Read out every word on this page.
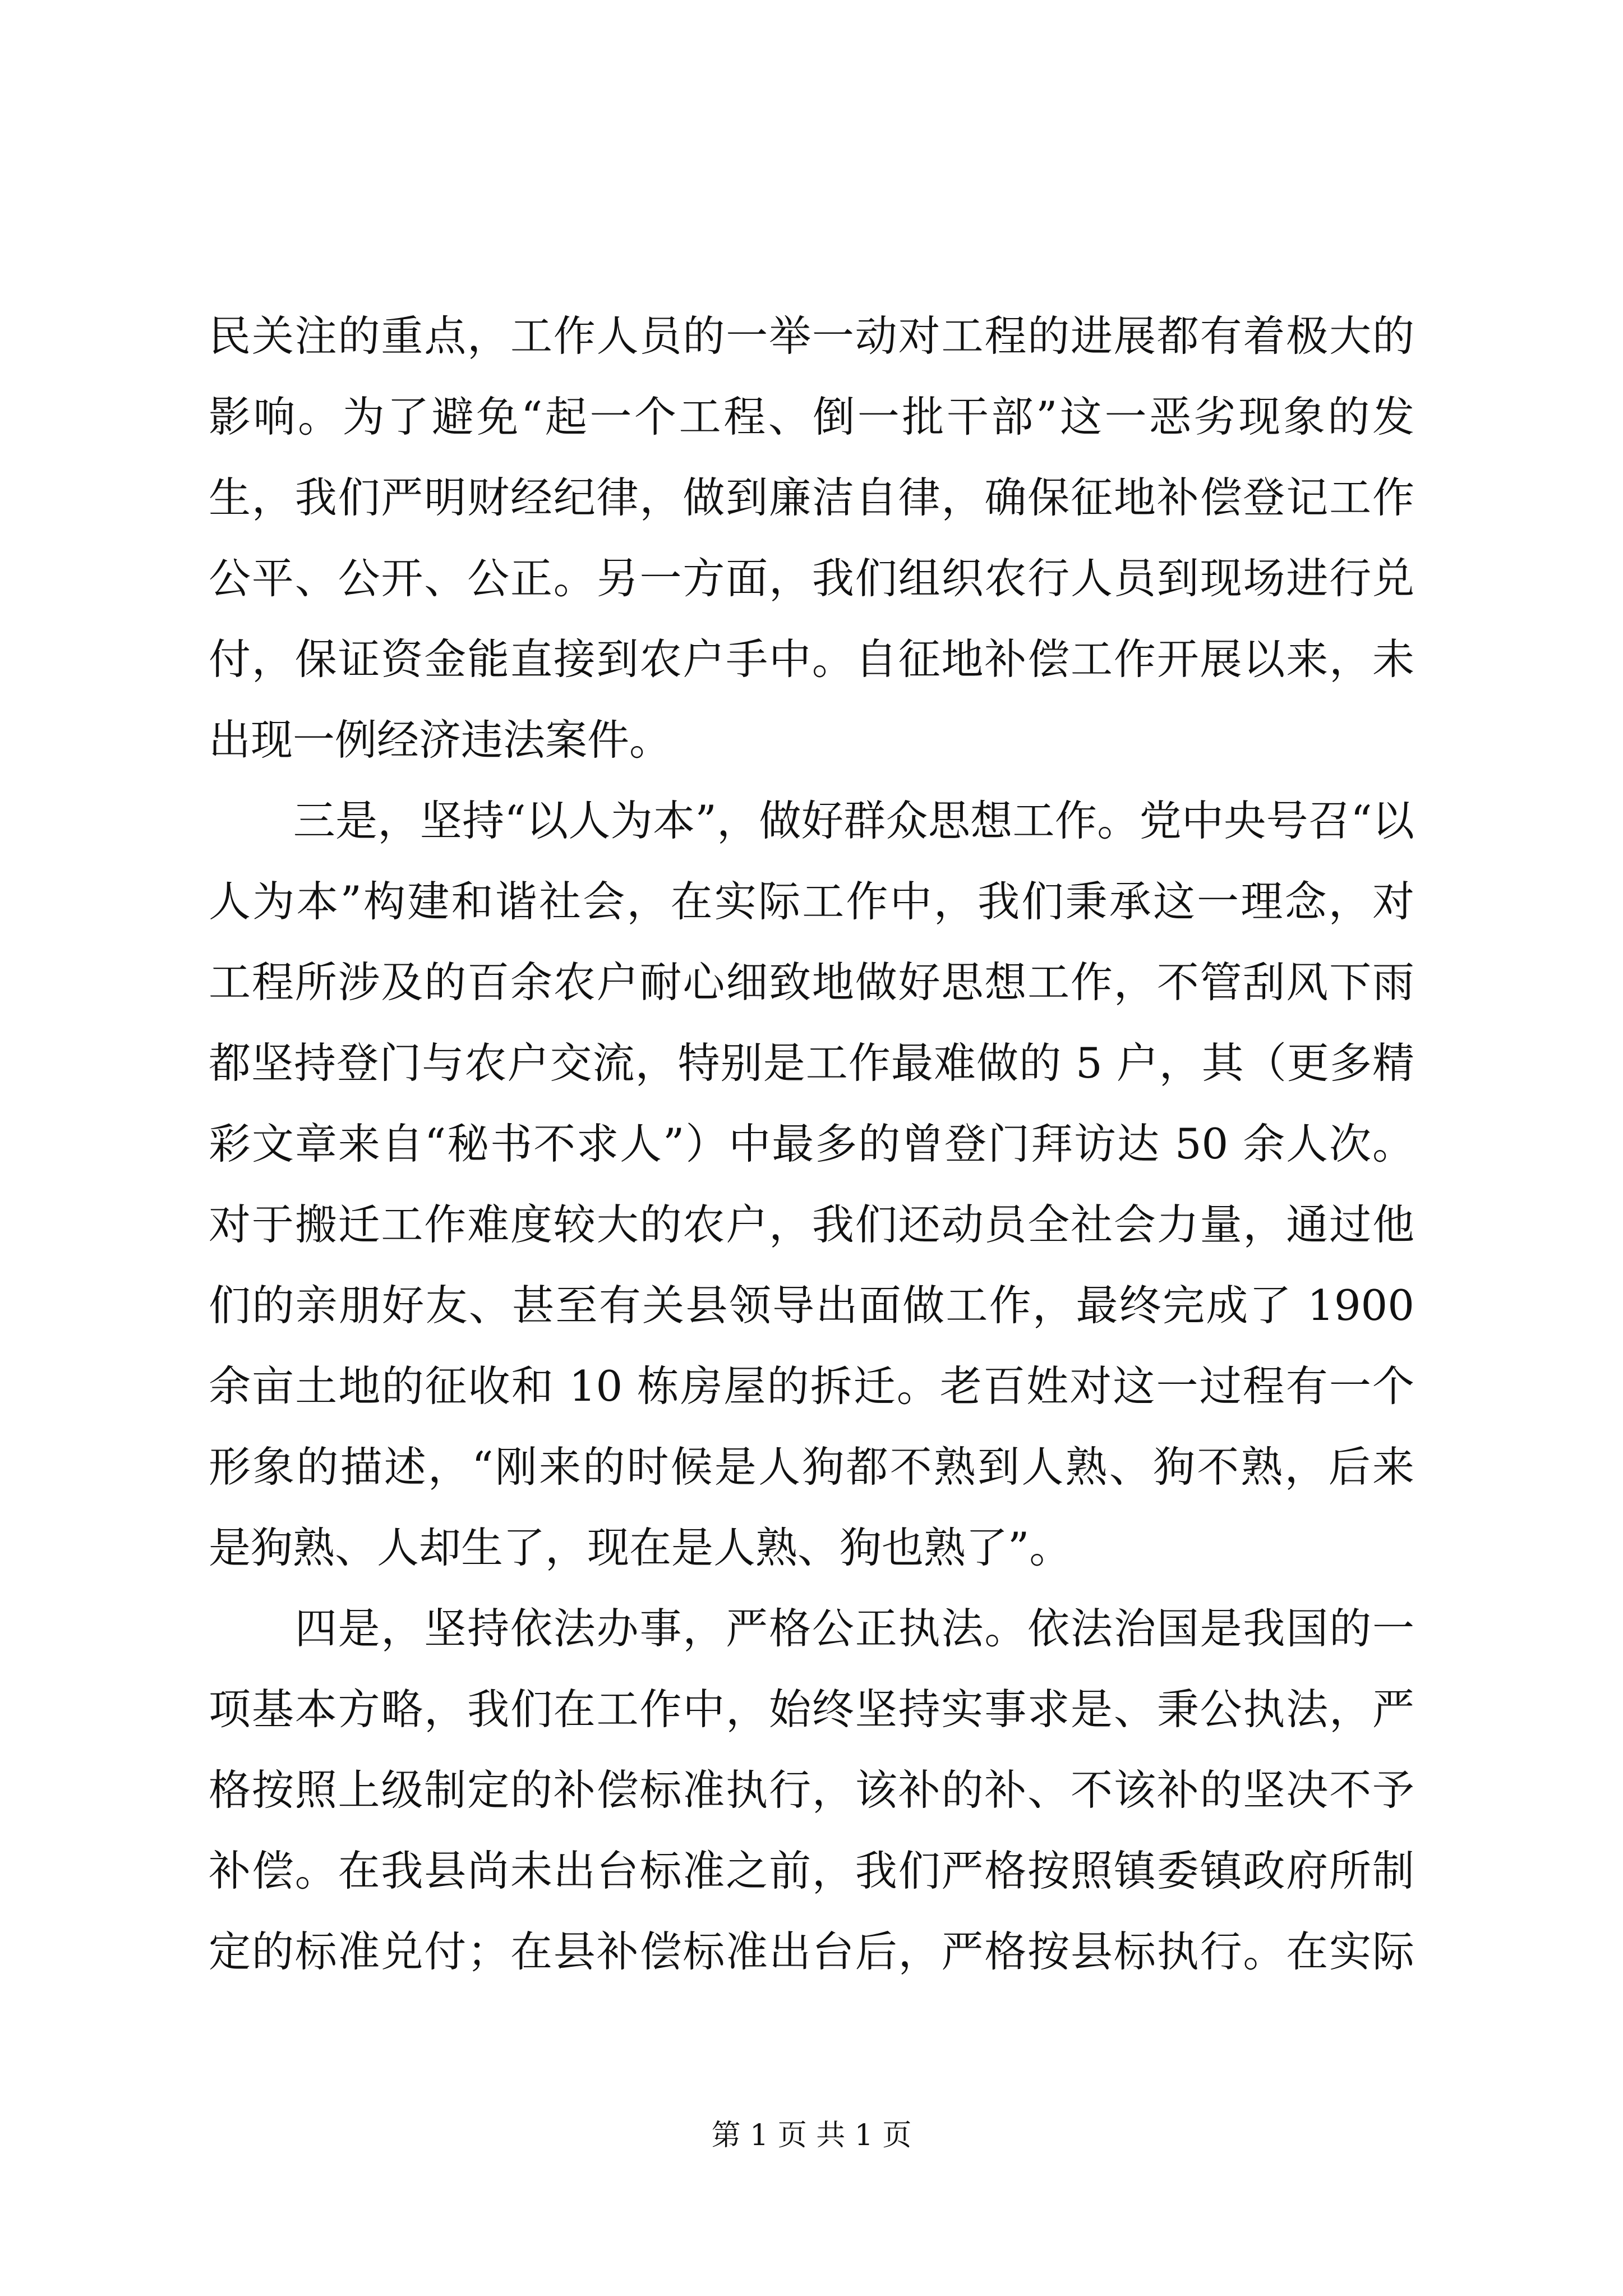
民关注的重点，工作人员的一举一动对工程的进展都有着极大的
影响。为了避免“起一个工程、倒一批干部”这一恶劣现象的发
生，我们严明财经纪律，做到廉洁自律，确保征地补偿登记工作
公平、公开、公正。另一方面，我们组织农行人员到现场进行兑
付，保证资金能直接到农户手中。自征地补偿工作开展以来，未
出现一例经济违法案件。
　　三是，坚持“以人为本”，做好群众思想工作。党中央号召“以
人为本”构建和谐社会，在实际工作中，我们秉承这一理念，对
工程所涉及的百余农户耐心细致地做好思想工作，不管刮风下雨
都坚持登门与农户交流，特别是工作最难做的 5 户，其（更多精
彩文章来自“秘书不求人”）中最多的曾登门拜访达 50 余人次。
对于搬迁工作难度较大的农户，我们还动员全社会力量，通过他
们的亲朋好友、甚至有关县领导出面做工作，最终完成了 1900
余亩土地的征收和 10 栋房屋的拆迁。老百姓对这一过程有一个
形象的描述，“刚来的时候是人狗都不熟到人熟、狗不熟，后来
是狗熟、人却生了，现在是人熟、狗也熟了”。
　　四是，坚持依法办事，严格公正执法。依法治国是我国的一
项基本方略，我们在工作中，始终坚持实事求是、秉公执法，严
格按照上级制定的补偿标准执行，该补的补、不该补的坚决不予
补偿。在我县尚未出台标准之前，我们严格按照镇委镇政府所制
定的标准兑付；在县补偿标准出台后，严格按县标执行。在实际
第 1 页 共 1 页
